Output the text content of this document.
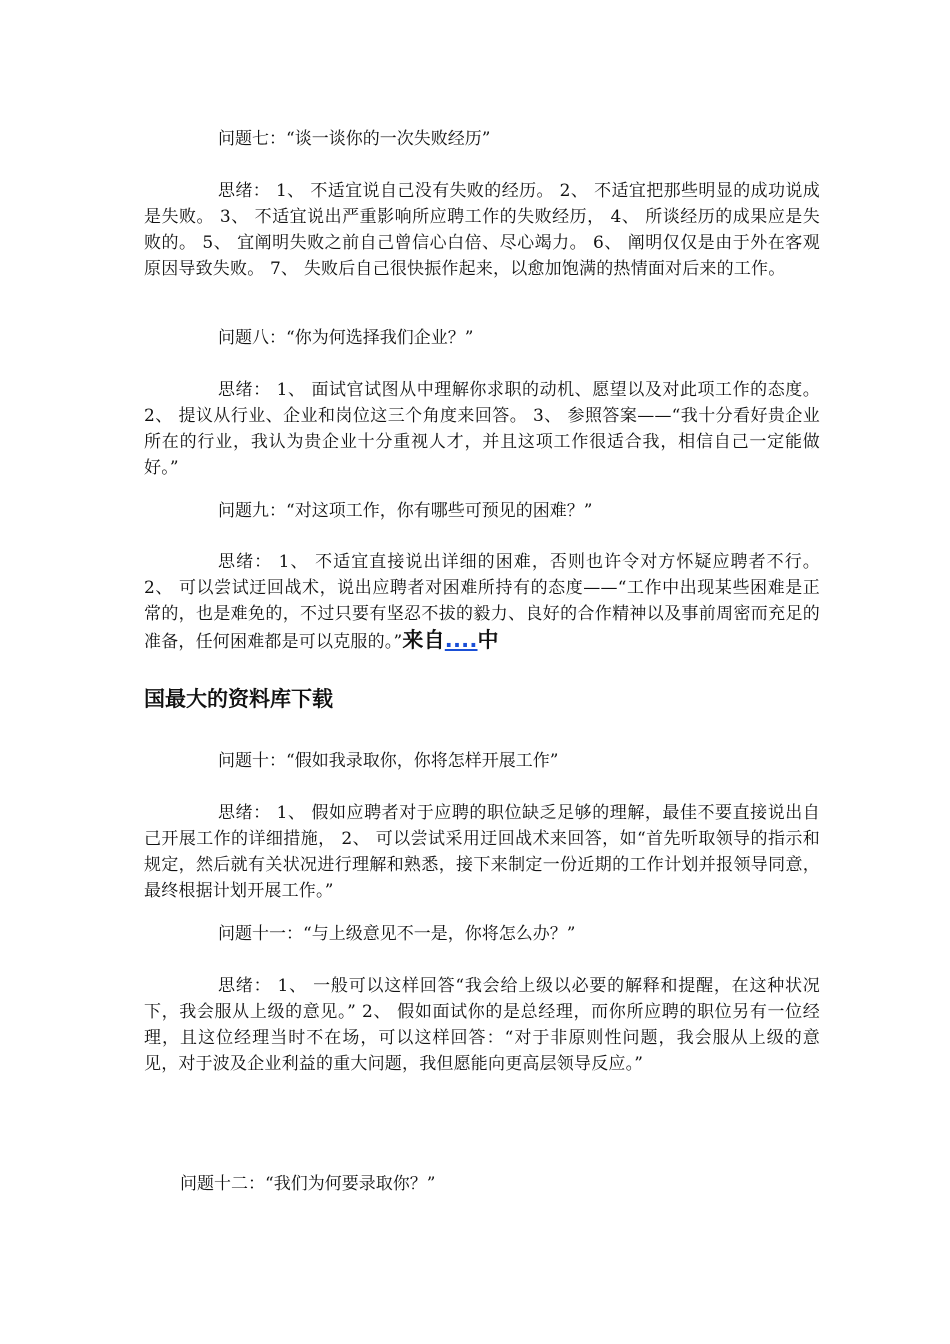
问题七：“谈一谈你的一次失败经历”
思绪： 1、 不适宜说自己没有失败的经历。 2、 不适宜把那些明显的成功说成是失败。 3、 不适宜说出严重影响所应聘工作的失败经历， 4、 所谈经历的成果应是失败的。 5、 宜阐明失败之前自己曾信心白倍、尽心竭力。 6、 阐明仅仅是由于外在客观原因导致失败。 7、 失败后自己很快振作起来，以愈加饱满的热情面对后来的工作。
问题八：“你为何选择我们企业？”
思绪： 1、 面试官试图从中理解你求职的动机、愿望以及对此项工作的态度。 2、 提议从行业、企业和岗位这三个角度来回答。 3、 参照答案——“我十分看好贵企业所在的行业，我认为贵企业十分重视人才，并且这项工作很适合我，相信自己一定能做好。”
问题九：“对这项工作，你有哪些可预见的困难？”
思绪： 1、 不适宜直接说出详细的困难，否则也许令对方怀疑应聘者不行。 2、 可以尝试迂回战术，说出应聘者对困难所持有的态度——“工作中出现某些困难是正常的，也是难免的，不过只要有坚忍不拔的毅力、良好的合作精神以及事前周密而充足的准备，任何困难都是可以克服的。”来自....中
国最大的资料库下载
问题十：“假如我录取你，你将怎样开展工作”
思绪： 1、 假如应聘者对于应聘的职位缺乏足够的理解，最佳不要直接说出自己开展工作的详细措施， 2、 可以尝试采用迂回战术来回答，如“首先听取领导的指示和规定，然后就有关状况进行理解和熟悉，接下来制定一份近期的工作计划并报领导同意，最终根据计划开展工作。”
问题十一：“与上级意见不一是，你将怎么办？”
思绪： 1、 一般可以这样回答“我会给上级以必要的解释和提醒，在这种状况下，我会服从上级的意见。” 2、 假如面试你的是总经理，而你所应聘的职位另有一位经理，且这位经理当时不在场，可以这样回答：“对于非原则性问题，我会服从上级的意见，对于波及企业利益的重大问题，我但愿能向更高层领导反应。”
问题十二：“我们为何要录取你？”
